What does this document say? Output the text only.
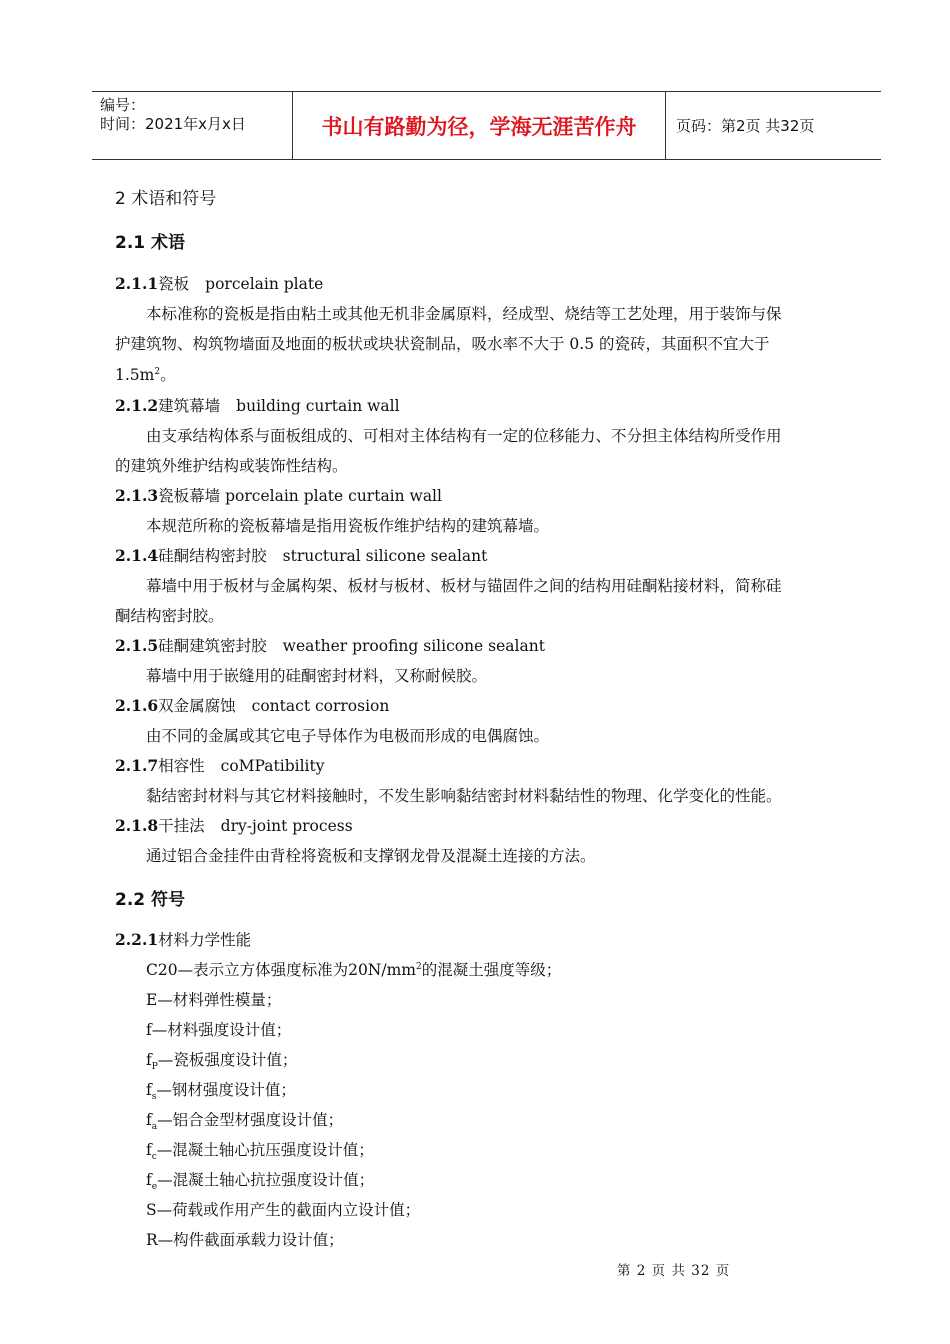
编号：
时间：2021年x月x日	书山有路勤为径，学海无涯苦作舟	页码：第2页 共32页
2 术语和符号
2.1 术语
2.1.1瓷板 porcelain plate
本标准称的瓷板是指由粘土或其他无机非金属原料，经成型、烧结等工艺处理，用于装饰与保
护建筑物、构筑物墙面及地面的板状或块状瓷制品，吸水率不大于 0.5 的瓷砖，其面积不宜大于
$1.5m^2$。
2.1.2建筑幕墙 building curtain wall
由支承结构体系与面板组成的、可相对主体结构有一定的位移能力、不分担主体结构所受作用
的建筑外维护结构或装饰性结构。
2.1.3瓷板幕墙 porcelain plate curtain wall
本规范所称的瓷板幕墙是指用瓷板作维护结构的建筑幕墙。
2.1.4硅酮结构密封胶 structural silicone sealant
幕墙中用于板材与金属构架、板材与板材、板材与锚固件之间的结构用硅酮粘接材料，简称硅
酮结构密封胶。
2.1.5硅酮建筑密封胶 weather proofing silicone sealant
幕墙中用于嵌缝用的硅酮密封材料，又称耐候胶。
2.1.6双金属腐蚀 contact corrosion
由不同的金属或其它电子导体作为电极而形成的电偶腐蚀。
2.1.7相容性 coMPatibility
黏结密封材料与其它材料接触时，不发生影响黏结密封材料黏结性的物理、化学变化的性能。
2.1.8干挂法 dry-joint process
通过铝合金挂件由背栓将瓷板和支撑钢龙骨及混凝土连接的方法。
2.2 符号
2.2.1材料力学性能
C20—表示立方体强度标准为$20N/mm^2$的混凝土强度等级；
E—材料弹性模量；
f—材料强度设计值；
$f_P—$瓷板强度设计值；
$f_s—$钢材强度设计值；
$f_a—$铝合金型材强度设计值；
$f_c—$混凝土轴心抗压强度设计值；
$f_e—$混凝土轴心抗拉强度设计值；
S—荷载或作用产生的截面内立设计值；
R—构件截面承载力设计值；
第 2 页 共 32 页
